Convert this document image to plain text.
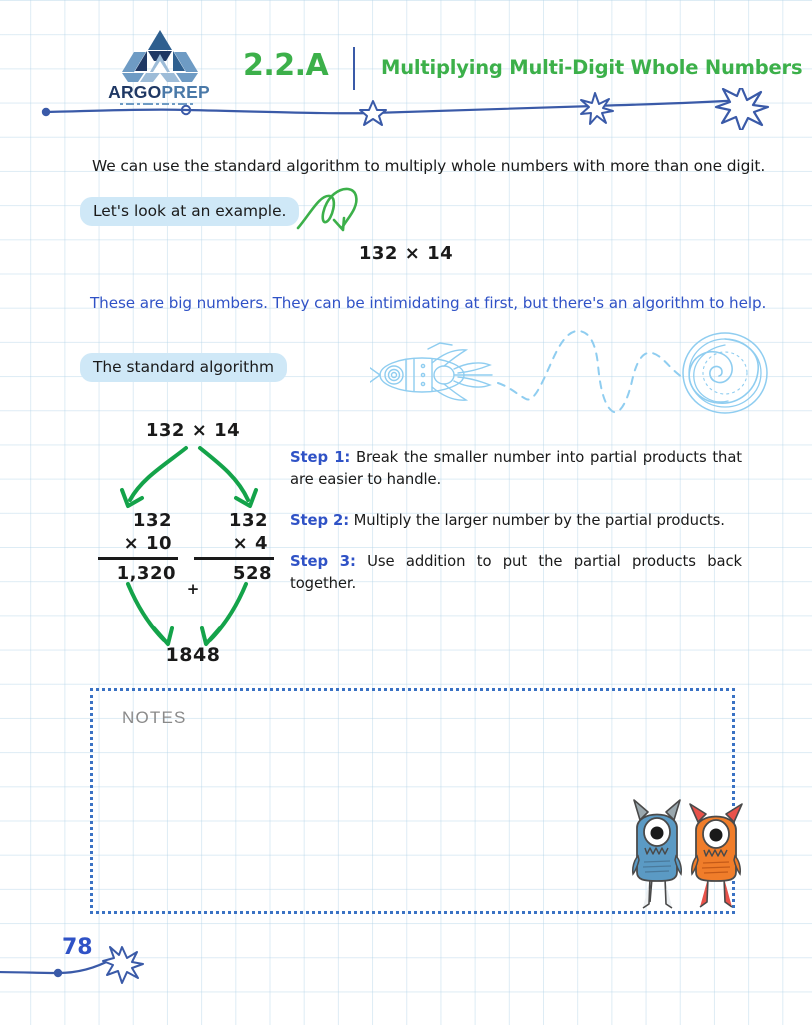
ARGOPREP
2.2.A	Multiplying Multi-Digit Whole Numbers
We can use the standard algorithm to multiply whole numbers with more than one digit.
Let's look at an example.
132 × 14
These are big numbers. They can be intimidating at first, but there's an algorithm to help.
The standard algorithm
132 × 14
132
× 10
1,320
132
× 4
528
+
1848
Step 1: Break the smaller number into partial products that are easier to handle.
Step 2: Multiply the larger number by the partial products.
Step 3: Use addition to put the partial products back together.
NOTES
78
